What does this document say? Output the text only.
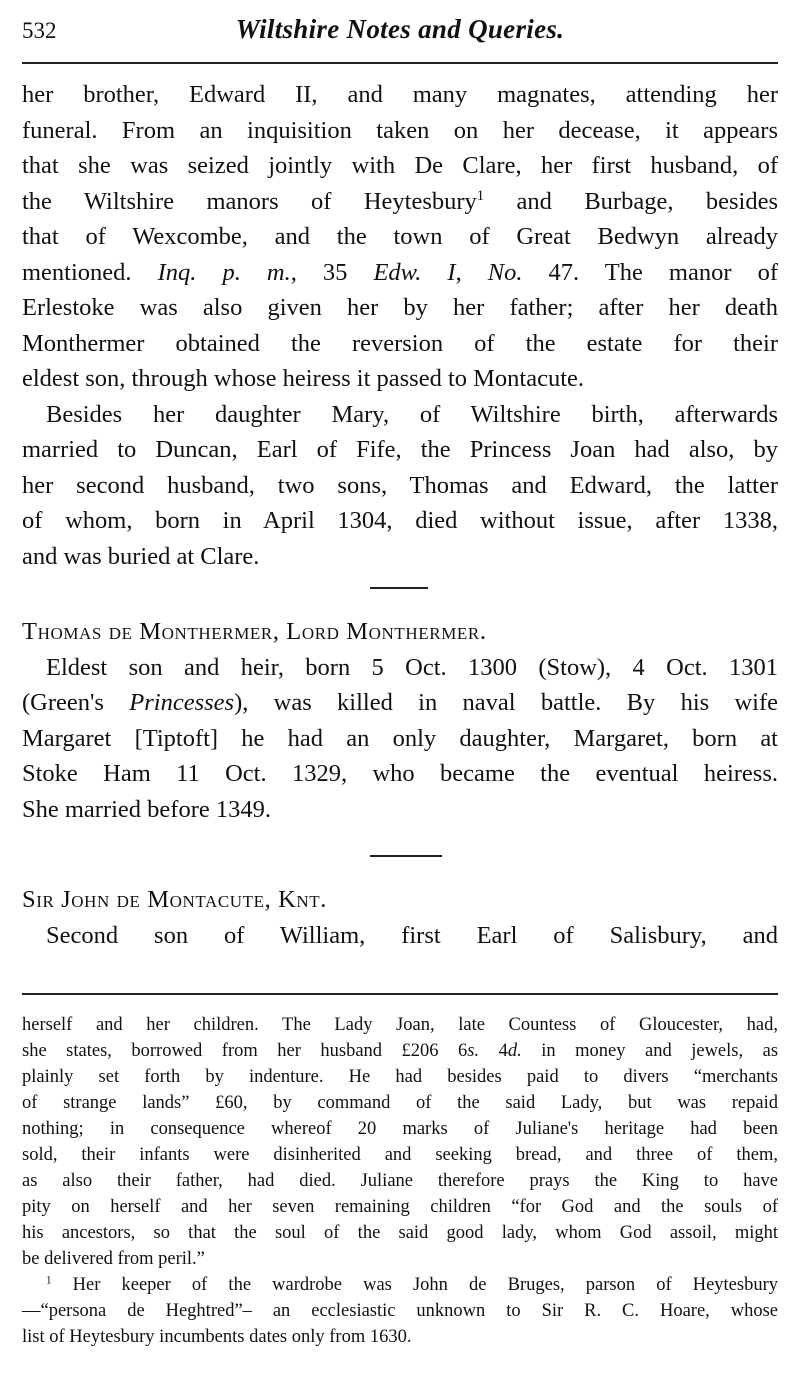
532	Wiltshire Notes and Queries.
her brother, Edward II, and many magnates, attending her
funeral. From an inquisition taken on her decease, it appears
that she was seized jointly with De Clare, her first husband, of
the Wiltshire manors of Heytesbury$^1$ and Burbage, besides
that of Wexcombe, and the town of Great Bedwyn already
mentioned. Inq. p. m., 35 Edw. I, No. 47. The manor of
Erlestoke was also given her by her father; after her death
Monthermer obtained the reversion of the estate for their
eldest son, through whose heiress it passed to Montacute.
Besides her daughter Mary, of Wiltshire birth, afterwards
married to Duncan, Earl of Fife, the Princess Joan had also, by
her second husband, two sons, Thomas and Edward, the latter
of whom, born in April 1304, died without issue, after 1338,
and was buried at Clare.
Thomas de Monthermer, Lord Monthermer.
Eldest son and heir, born 5 Oct. 1300 (Stow), 4 Oct. 1301
(Green's Princesses), was killed in naval battle. By his wife
Margaret [Tiptoft] he had an only daughter, Margaret, born at
Stoke Ham 11 Oct. 1329, who became the eventual heiress.
She married before 1349.
Sir John de Montacute, Knt.
Second son of William, first Earl of Salisbury, and
herself and her children. The Lady Joan, late Countess of Gloucester, had,
she states, borrowed from her husband £206 6s. 4d. in money and jewels, as
plainly set forth by indenture. He had besides paid to divers “merchants
of strange lands” £60, by command of the said Lady, but was repaid
nothing; in consequence whereof 20 marks of Juliane's heritage had been
sold, their infants were disinherited and seeking bread, and three of them,
as also their father, had died. Juliane therefore prays the King to have
pity on herself and her seven remaining children “for God and the souls of
his ancestors, so that the soul of the said good lady, whom God assoil, might
be delivered from peril.”
$^1$ Her keeper of the wardrobe was John de Bruges, parson of Heytesbury
—“persona de Heghtred”– an ecclesiastic unknown to Sir R. C. Hoare, whose
list of Heytesbury incumbents dates only from 1630.
